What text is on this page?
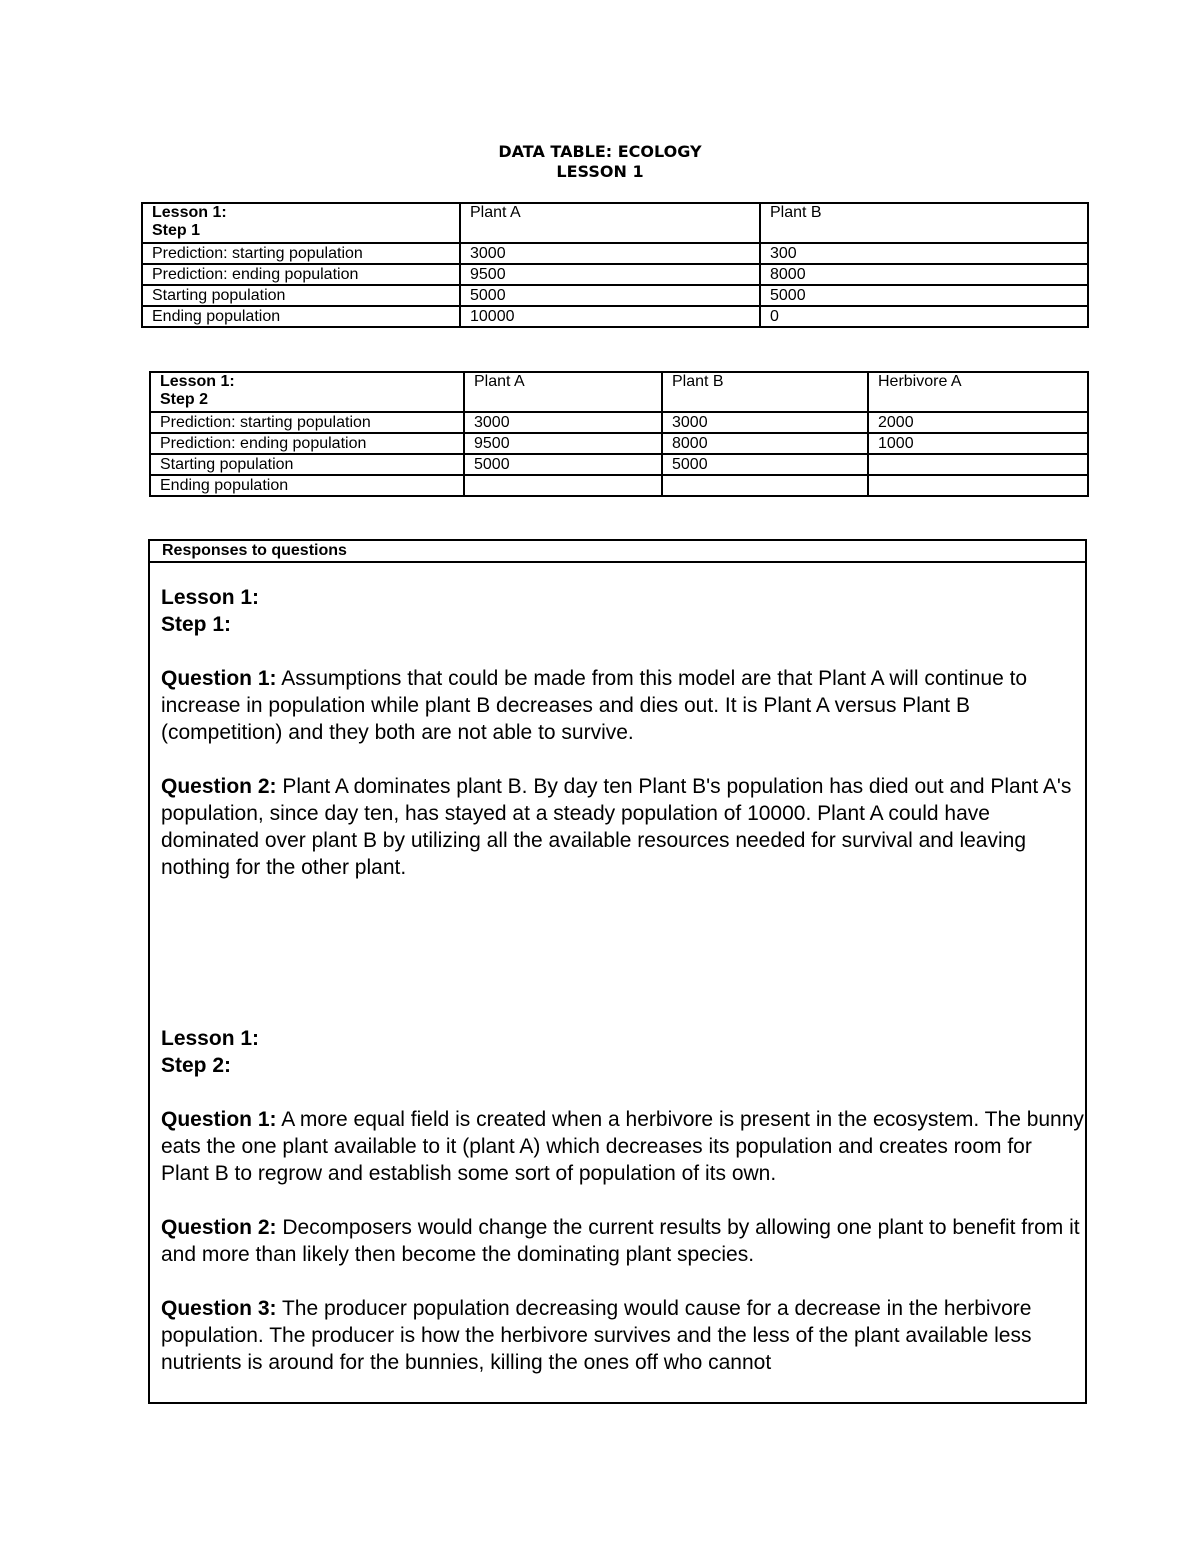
DATA TABLE: ECOLOGY
LESSON 1
Lesson 1:
Step 1	Plant A	Plant B
Prediction: starting population	3000	300
Prediction: ending population	9500	8000
Starting population	5000	5000
Ending population	10000	0
Lesson 1:
Step 2	Plant A	Plant B	Herbivore A
Prediction: starting population	3000	3000	2000
Prediction: ending population	9500	8000	1000
Starting population	5000	5000	
Ending population			
Responses to questions

Lesson 1:

Step 1:

Question 1: Assumptions that could be made from this model are that Plant A will continue to increase in population while plant B decreases and dies out. It is Plant A versus Plant B (competition) and they both are not able to survive.

Question 2: Plant A dominates plant B. By day ten Plant B's population has died out and Plant A's population, since day ten, has stayed at a steady population of 10000. Plant A could have dominated over plant B by utilizing all the available resources needed for survival and leaving nothing for the other plant.

Lesson 1:

Step 2:

Question 1: A more equal field is created when a herbivore is present in the ecosystem. The bunny eats the one plant available to it (plant A) which decreases its population and creates room for Plant B to regrow and establish some sort of population of its own.

Question 2: Decomposers would change the current results by allowing one plant to benefit from it and more than likely then become the dominating plant species.

Question 3: The producer population decreasing would cause for a decrease in the herbivore population. The producer is how the herbivore survives and the less of the plant available less nutrients is around for the bunnies, killing the ones off who cannot
